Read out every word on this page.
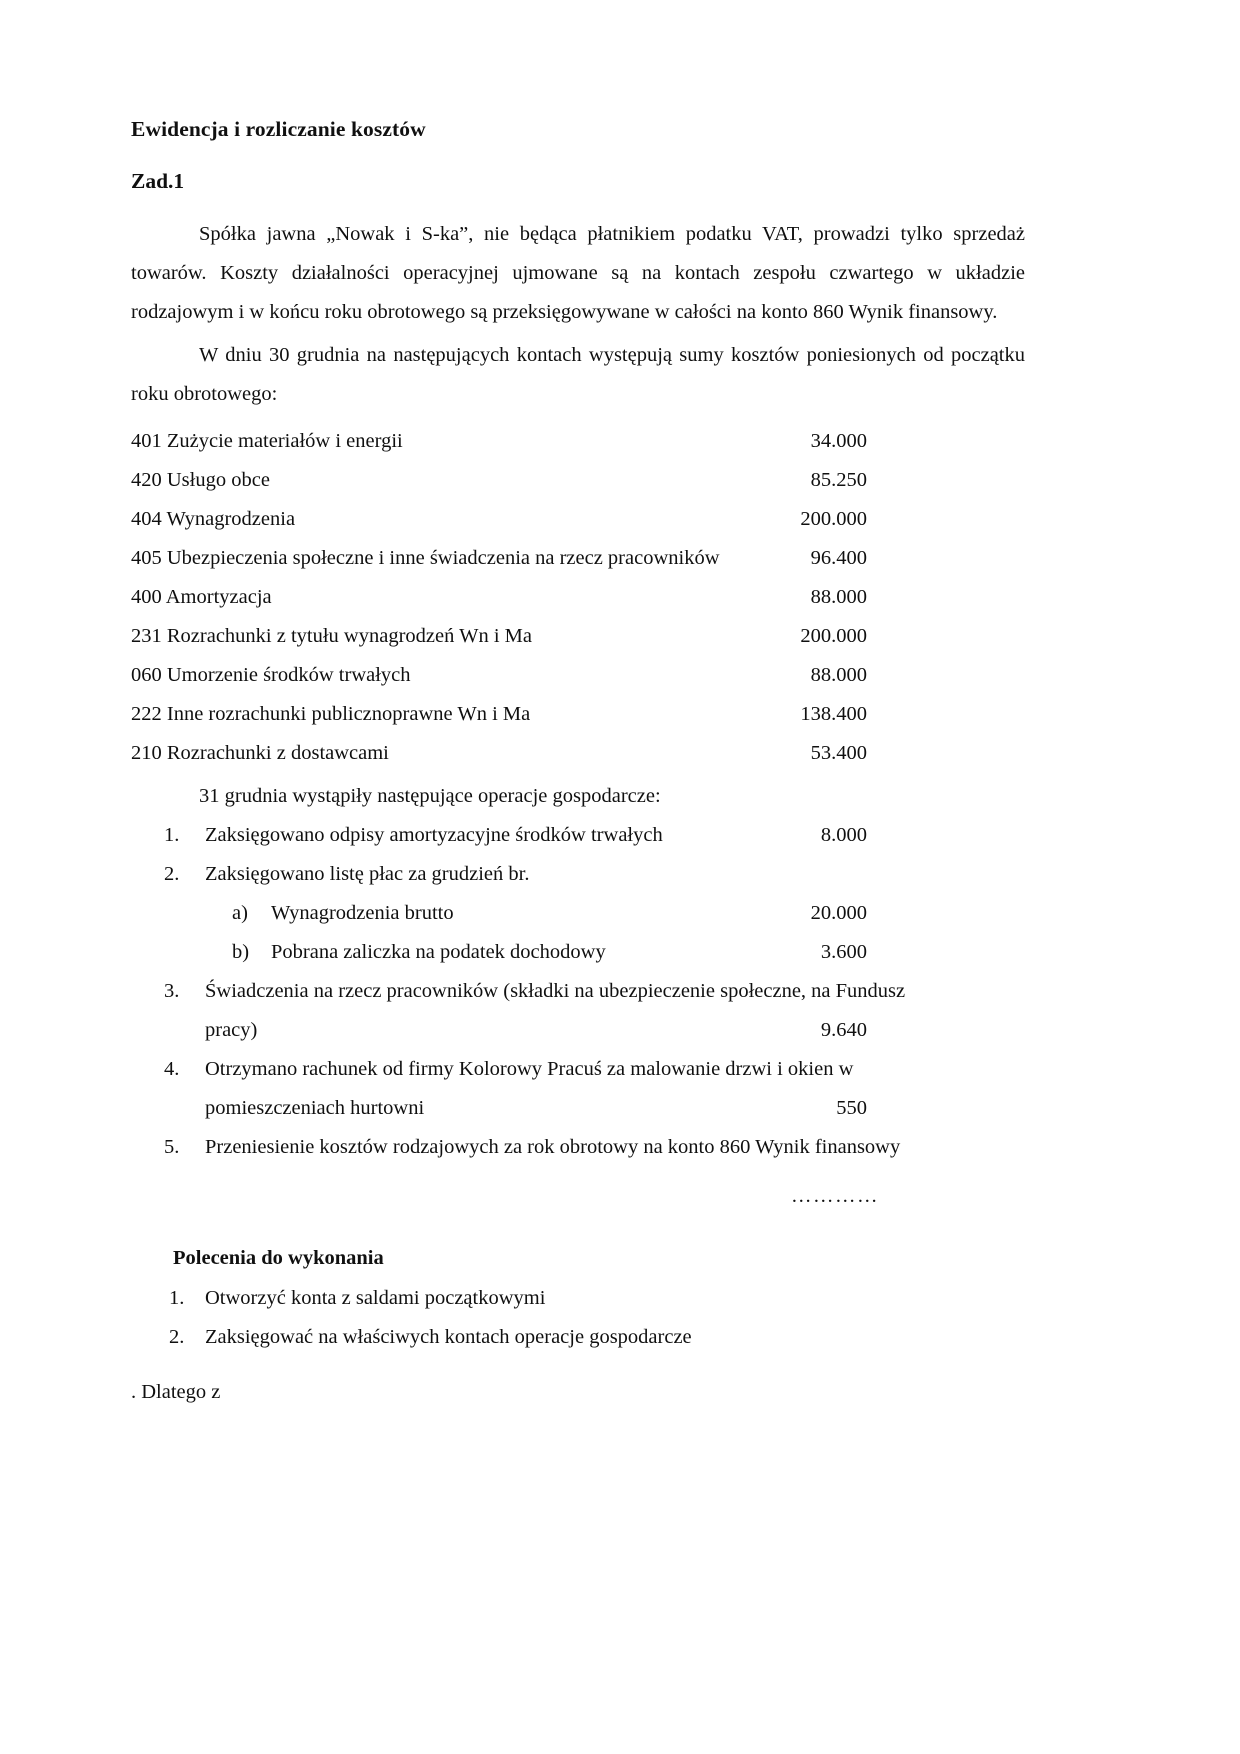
Ewidencja i rozliczanie kosztów
Zad.1

Spółka jawna „Nowak i S-ka”, nie będąca płatnikiem podatku VAT, prowadzi tylko sprzedaż towarów. Koszty działalności operacyjnej ujmowane są na kontach zespołu czwartego w układzie rodzajowym i w końcu roku obrotowego są przeksięgowywane w całości na konto 860 Wynik finansowy.

W dniu 30 grudnia na następujących kontach występują sumy kosztów poniesionych od początku roku obrotowego:

401 Zużycie materiałów i energii	34.000
420 Usługo obce	85.250
404 Wynagrodzenia	200.000
405 Ubezpieczenia społeczne i inne świadczenia na rzecz pracowników	96.400
400 Amortyzacja	88.000
231 Rozrachunki z tytułu wynagrodzeń Wn i Ma	200.000
060 Umorzenie środków trwałych	88.000
222 Inne rozrachunki publicznoprawne Wn i Ma	138.400
210 Rozrachunki z dostawcami	53.400

31 grudnia wystąpiły następujące operacje gospodarcze:

1.	Zaksięgowano odpisy amortyzacyjne środków trwałych	8.000
2.	Zaksięgowano listę płac za grudzień br.
a)	Wynagrodzenia brutto	20.000
b)	Pobrana zaliczka na podatek dochodowy	3.600
3.	Świadczenia na rzecz pracowników (składki na ubezpieczenie społeczne, na Fundusz
pracy)	9.640
4.	Otrzymano rachunek od firmy Kolorowy Pracuś za malowanie drzwi i okien w
pomieszczeniach hurtowni	550
5.	Przeniesienie kosztów rodzajowych za rok obrotowy na konto 860 Wynik finansowy
…………
Polecenia do wykonania
1.	Otworzyć konta z saldami początkowymi
2.	Zaksięgować na właściwych kontach operacje gospodarcze
. Dlatego z
